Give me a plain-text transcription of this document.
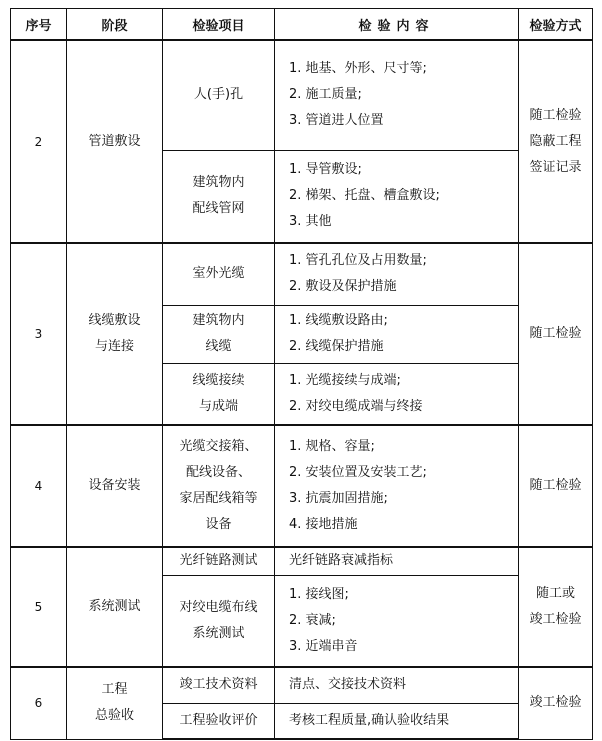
序号	阶段	检验项目	检验内容	检验方式
2	管道敷设	人(手)孔	1. 地基、外形、尺寸等;
2. 施工质量;
3. 管道进人位置	随工检验
隐蔽工程
签证记录

		建筑物内
配线管网	1. 导管敷设;
2. 梯架、托盘、槽盒敷设;
3. 其他	

3	线缆敷设
与连接	室外光缆	1. 管孔孔位及占用数量;
2. 敷设及保护措施	随工检验

		建筑物内
线缆	1. 线缆敷设路由;
2. 线缆保护措施	

		线缆接续
与成端	1. 光缆接续与成端;
2. 对绞电缆成端与终接	

4	设备安装	光缆交接箱、
配线设备、
家居配线箱等
设备	1. 规格、容量;
2. 安装位置及安装工艺;
3. 抗震加固措施;
4. 接地措施	随工检验

5	系统测试	光纤链路测试	光纤链路衰减指标	随工或
竣工检验

		对绞电缆布线
系统测试	1. 接线图;
2. 衰减;
3. 近端串音	

6	工程
总验收	竣工技术资料	清点、交接技术资料	竣工检验

		工程验收评价	考核工程质量,确认验收结果	
